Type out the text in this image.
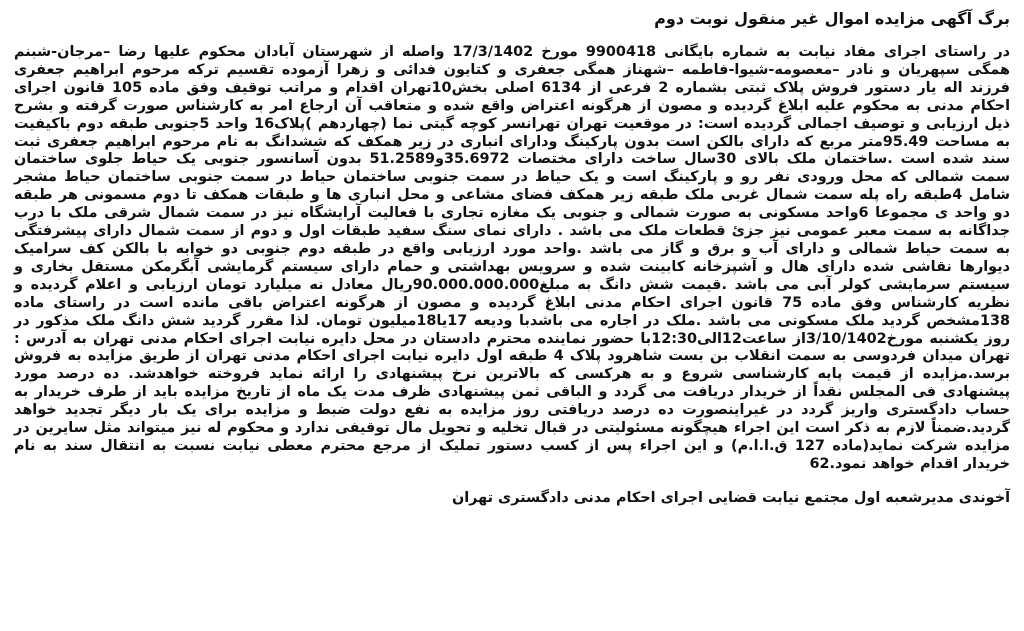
برگ آگهی مزایده اموال غیر منقول نوبت دوم

در راستای اجرای مفاد نیابت به شماره بایگانی 9900418 مورخ 17/3/1402 واصله از شهرستان آبادان محکوم علیها رضا –مرجان-شبنم همگی سپهریان و نادر –معصومه-شیوا-فاطمه –شهناز همگی جعفری و کتایون فدائی و زهرا آزموده تقسیم ترکه مرحوم ابراهیم جعفری فرزند اله یار دستور فروش پلاک ثبتی بشماره 2 فرعی از 6134 اصلی بخش10تهران اقدام و مراتب توقیف وفق ماده 105 قانون اجرای احکام مدنی به محکوم علیه ابلاغ گردیده و مصون از هرگونه اعتراض واقع شده و متعاقب آن ارجاع امر به کارشناس صورت گرفته و بشرح ذیل ارزیابی و توصیف اجمالی گردیده است: در موقعیت تهران تهرانسر کوچه گیتی نما (چهاردهم )پلاک16 واحد 5جنوبی طبقه دوم باکیفیت به مساحت 95.49متر مربع که دارای بالکن است بدون پارکینگ ودارای انباری در زیر همکف که ششدانگ به نام مرحوم ابراهیم جعفری ثبت سند شده است .ساختمان ملک بالای 30سال ساخت دارای مختصات 35.6972و51.2589 بدون آسانسور جنوبی یک حیاط جلوی ساختمان سمت شمالی که محل ورودی نفر رو و پارکینگ است و یک حیاط در سمت جنوبی ساختمان حیاط در سمت جنوبی ساختمان حیاط مشجر شامل 4طبقه راه پله سمت شمال غربی ملک طبقه زیر همکف فضای مشاعی و محل انباری ها و طبقات همکف تا دوم مسمونی هر طبقه دو واحد ی مجموعا 6واحد مسکونی به صورت شمالی و جنوبی یک مغازه تجاری با فعالیت آرایشگاه نیز در سمت شمال شرقی ملک با درب جداگانه به سمت معبر عمومی نیز جزئ قطعات ملک می باشد . دارای نمای سنگ سفید طبقات اول و دوم از سمت شمال دارای پیشرفتگی به سمت حیاط شمالی و دارای آب و برق و گاز می باشد .واحد مورد ارزیابی واقع در طبقه دوم جنوبی دو خوابه با بالکن کف سرامیک دیوارها نقاشی شده دارای هال و آشپزخانه کابینت شده و سرویس بهداشتی و حمام دارای سیستم گرمایشی آبگرمکن مستقل بخاری و سیستم سرمایشی کولر آبی می باشد .قیمت شش دانگ به مبلغ90.000.000.000ریال معادل نه میلیارد تومان ارزیابی و اعلام گردیده و نظریه کارشناس وفق ماده 75 قانون اجرای احکام مدنی ابلاغ گردیده و مصون از هرگونه اعتراض باقی مانده است در راستای ماده 138مشخص گردید ملک مسکونی می باشد .ملک در اجاره می باشدبا ودیعه 17یا18میلیون تومان. لذا مقرر گردید شش دانگ ملک مذکور در روز یکشنبه مورخ3/10/1402از ساعت12الی12:30با حضور نماینده محترم دادستان در محل دایره نیابت اجرای احکام مدنی تهران به آدرس : تهران میدان فردوسی به سمت انقلاب بن بست شاهرود پلاک 4 طبقه اول دایره نیابت اجرای احکام مدنی تهران از طریق مزایده به فروش برسد.مزایده از قیمت پایه کارشناسی شروع و به هرکسی که بالاترین نرخ پیشنهادی را ارائه نماید فروخته خواهدشد. ده درصد مورد پیشنهادی فی المجلس نقداً از خریدار دریافت می گردد و الباقی ثمن پیشنهادی ظرف مدت یک ماه از تاریخ مزایده باید از طرف خریدار به حساب دادگستری واریز گردد در غیراینصورت ده درصد دریافتی روز مزایده به نفع دولت ضبط و مزایده برای یک بار دیگر تجدید خواهد گردید.ضمناً لازم به ذکر است این اجراء هیچگونه مسئولیتی در قبال تخلیه و تحویل مال توقیفی ندارد و محکوم له نیز میتواند مثل سایرین در مزایده شرکت نماید(ماده 127 ق.ا.ا.م) و این اجراء پس از کسب دستور تملیک از مرجع محترم معطی نیابت نسبت به انتقال سند به نام خریدار اقدام خواهد نمود.62

آخوندی مدیرشعبه اول مجتمع نیابت قضایی اجرای احکام مدنی دادگستری تهران
